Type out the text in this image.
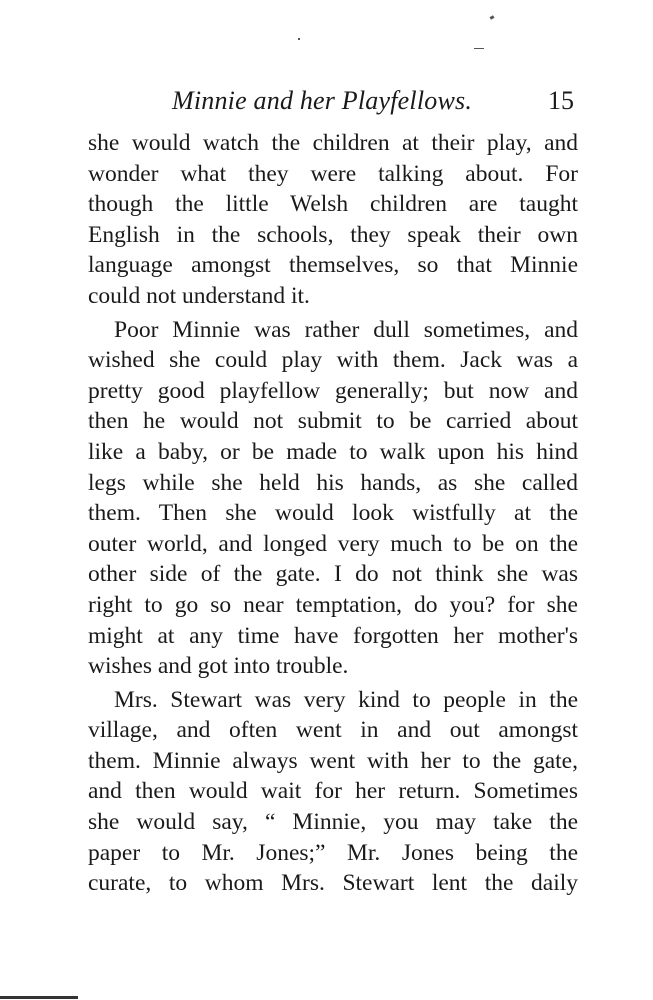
Minnie and her Playfellows.	15
she would watch the children at their play, and
wonder what they were talking about. For
though the little Welsh children are taught
English in the schools, they speak their own
language amongst themselves, so that Minnie
could not understand it.
Poor Minnie was rather dull sometimes, and
wished she could play with them. Jack was a
pretty good playfellow generally; but now and
then he would not submit to be carried about
like a baby, or be made to walk upon his hind
legs while she held his hands, as she called
them. Then she would look wistfully at the
outer world, and longed very much to be on the
other side of the gate. I do not think she was
right to go so near temptation, do you? for she
might at any time have forgotten her mother's
wishes and got into trouble.
Mrs. Stewart was very kind to people in the
village, and often went in and out amongst
them. Minnie always went with her to the gate,
and then would wait for her return. Sometimes
she would say, “ Minnie, you may take the
paper to Mr. Jones;” Mr. Jones being the
curate, to whom Mrs. Stewart lent the daily
